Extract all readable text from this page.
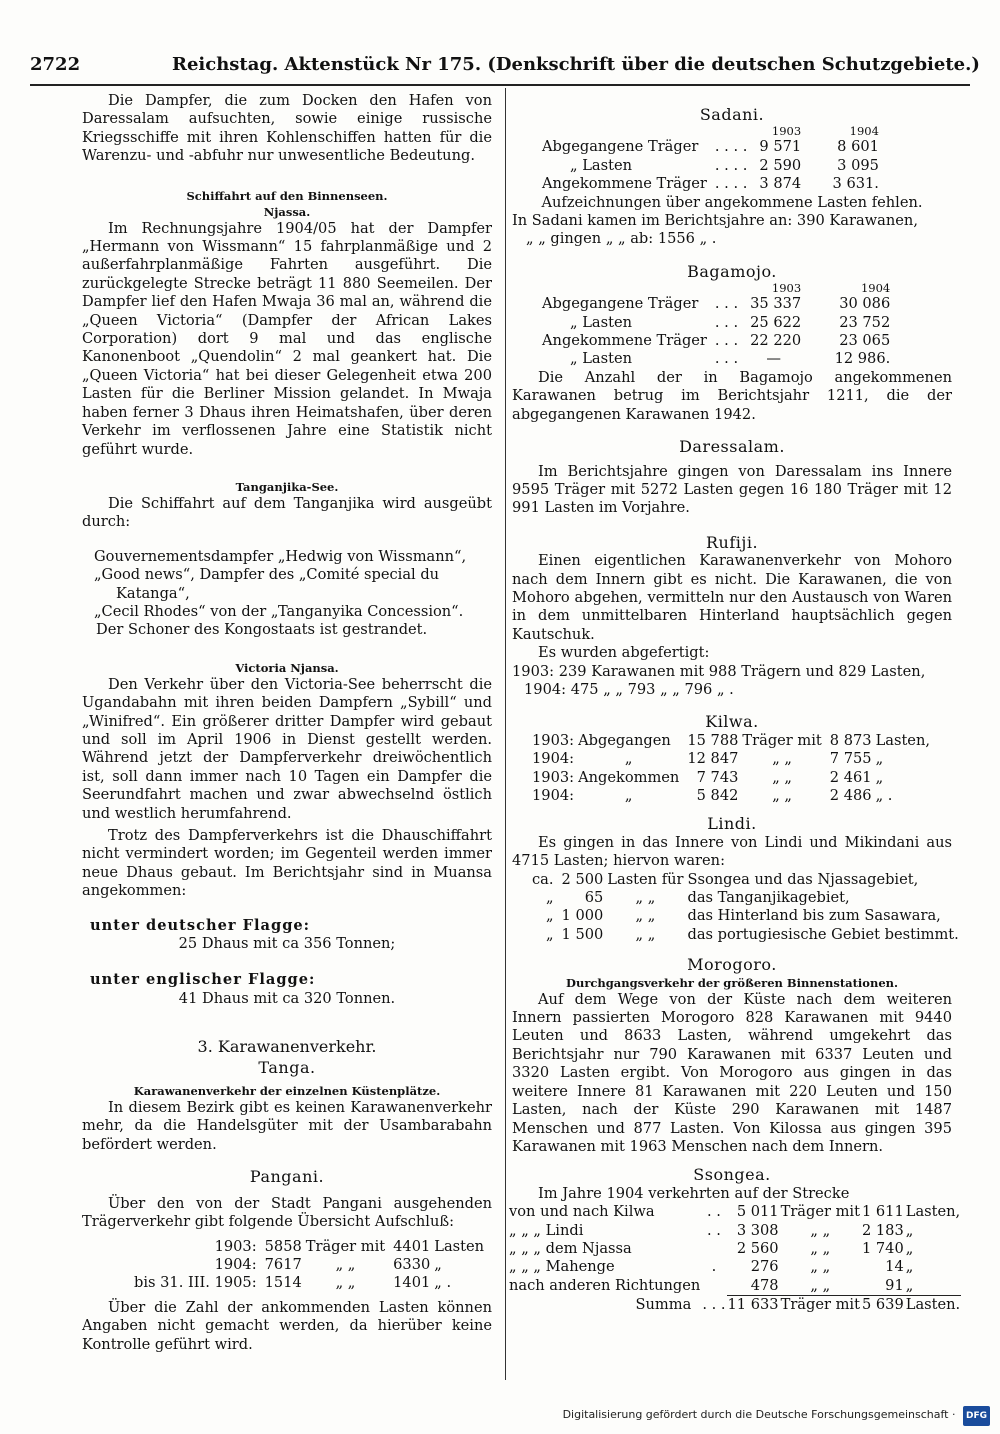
2722	Reichstag. Aktenstück Nr 175. (Denkschrift über die deutschen Schutzgebiete.)

Die Dampfer, die zum Docken den Hafen von Daressalam aufsuchten, sowie einige russische Kriegsschiffe mit ihren Kohlenschiffen hatten für die Warenzu- und -abfuhr nur unwesentliche Bedeutung.

Schiffahrt auf den Binnenseen.

Njassa.

Im Rechnungsjahre 1904/05 hat der Dampfer „Hermann von Wissmann“ 15 fahrplanmäßige und 2 außerfahrplanmäßige Fahrten ausgeführt. Die zurückgelegte Strecke beträgt 11 880 Seemeilen. Der Dampfer lief den Hafen Mwaja 36 mal an, während die „Queen Victoria“ (Dampfer der African Lakes Corporation) dort 9 mal und das englische Kanonenboot „Quendolin“ 2 mal geankert hat. Die „Queen Victoria“ hat bei dieser Gelegenheit etwa 200 Lasten für die Berliner Mission gelandet. In Mwaja haben ferner 3 Dhaus ihren Heimatshafen, über deren Verkehr im verflossenen Jahre eine Statistik nicht geführt wurde.

Tanganjika-See.

Die Schiffahrt auf dem Tanganjika wird ausgeübt durch:

Gouvernementsdampfer „Hedwig von Wissmann“,

„Good news“, Dampfer des „Comité special du Katanga“,

„Cecil Rhodes“ von der „Tanganyika Concession“.

Der Schoner des Kongostaats ist gestrandet.

Victoria Njansa.

Den Verkehr über den Victoria-See beherrscht die Ugandabahn mit ihren beiden Dampfern „Sybill“ und „Winifred“. Ein größerer dritter Dampfer wird gebaut und soll im April 1906 in Dienst gestellt werden. Während jetzt der Dampferverkehr dreiwöchentlich ist, soll dann immer nach 10 Tagen ein Dampfer die Seerundfahrt machen und zwar abwechselnd östlich und westlich herumfahrend.

Trotz des Dampferverkehrs ist die Dhauschiffahrt nicht vermindert worden; im Gegenteil werden immer neue Dhaus gebaut. Im Berichtsjahr sind in Muansa angekommen:

unter deutscher Flagge:

25 Dhaus mit ca 356 Tonnen;

unter englischer Flagge:

41 Dhaus mit ca 320 Tonnen.

3. Karawanenverkehr.

Tanga.

Karawanenverkehr der einzelnen Küstenplätze.

In diesem Bezirk gibt es keinen Karawanenverkehr mehr, da die Handelsgüter mit der Usambarabahn befördert werden.

Pangani.

Über den von der Stadt Pangani ausgehenden Trägerverkehr gibt folgende Übersicht Aufschluß:

1903:	5858	Träger mit	4401	Lasten
1904:	7617	„ „	6330	„
bis 31. III. 1905:	1514	„ „	1401	„ .

Über die Zahl der ankommenden Lasten können Angaben nicht gemacht werden, da hierüber keine Kontrolle geführt wird.

Sadani.

		1903	1904
Abgegangene Träger	. . . .	9 571	8 601
„ Lasten	. . . .	2 590	3 095
Angekommene Träger	. . . .	3 874	3 631.

Aufzeichnungen über angekommene Lasten fehlen.

In Sadani kamen im Berichtsjahre an: 390 Karawanen,

„ „ gingen „ „ ab: 1556 „ .

Bagamojo.

		1903	1904
Abgegangene Träger	. . .	35 337	30 086
„ Lasten	. . .	25 622	23 752
Angekommene Träger	. . .	22 220	23 065
„ Lasten	. . .	—	12 986.

Die Anzahl der in Bagamojo angekommenen Karawanen betrug im Berichtsjahr 1211, die der abgegangenen Karawanen 1942.

Daressalam.

Im Berichtsjahre gingen von Daressalam ins Innere 9595 Träger mit 5272 Lasten gegen 16 180 Träger mit 12 991 Lasten im Vorjahre.

Rufiji.

Einen eigentlichen Karawanenverkehr von Mohoro nach dem Innern gibt es nicht. Die Karawanen, die von Mohoro abgehen, vermitteln nur den Austausch von Waren in dem unmittelbaren Hinterland hauptsächlich gegen Kautschuk.

Es wurden abgefertigt:

1903: 239 Karawanen mit 988 Trägern und 829 Lasten,

1904: 475 „ „ 793 „ „ 796 „ .

Kilwa.

1903:	Abgegangen	15 788	Träger mit	8 873	Lasten,
1904:	„	12 847	„ „	7 755	„
1903:	Angekommen	7 743	„ „	2 461	„
1904:	„	5 842	„ „	2 486	„ .

Lindi.

Es gingen in das Innere von Lindi und Mikindani aus 4715 Lasten; hiervon waren:

ca.	2 500	Lasten für	Ssongea und das Njassagebiet,
„	65	„ „	das Tanganjikagebiet,
„	1 000	„ „	das Hinterland bis zum Sasawara,
„	1 500	„ „	das portugiesische Gebiet bestimmt.

Morogoro.

Durchgangsverkehr der größeren Binnenstationen.

Auf dem Wege von der Küste nach dem weiteren Innern passierten Morogoro 828 Karawanen mit 9440 Leuten und 8633 Lasten, während umgekehrt das Berichtsjahr nur 790 Karawanen mit 6337 Leuten und 3320 Lasten ergibt. Von Morogoro aus gingen in das weitere Innere 81 Karawanen mit 220 Leuten und 150 Lasten, nach der Küste 290 Karawanen mit 1487 Menschen und 877 Lasten. Von Kilossa aus gingen 395 Karawanen mit 1963 Menschen nach dem Innern.

Ssongea.

Im Jahre 1904 verkehrten auf der Strecke

von und nach Kilwa	. .	5 011	Träger mit	1 611	Lasten,
„ „ „ Lindi	. .	3 308	„ „	2 183	„
„ „ „ dem Njassa		2 560	„ „	1 740	„
„ „ „ Mahenge	.	276	„ „	14	„
nach anderen Richtungen		478	„ „	91	„
Summa	. . .	11 633	Träger mit	5 639	Lasten.
Digitalisierung gefördert durch die Deutsche Forschungsgemeinschaft · DFG
